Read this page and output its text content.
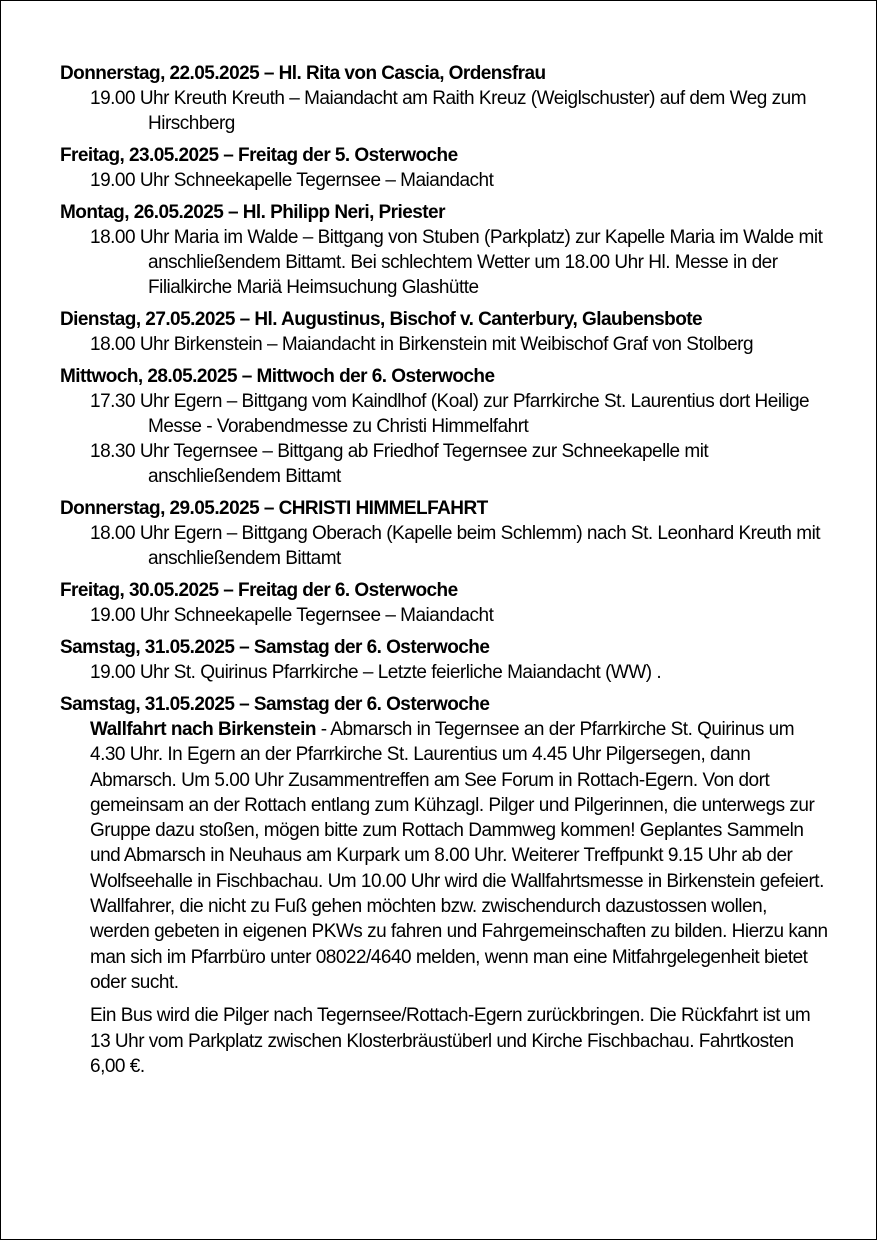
Donnerstag, 22.05.2025 – Hl. Rita von Cascia, Ordensfrau
19.00 Uhr Kreuth Kreuth – Maiandacht am Raith Kreuz (Weiglschuster) auf dem Weg zum Hirschberg
Freitag, 23.05.2025 – Freitag der 5. Osterwoche
19.00 Uhr Schneekapelle Tegernsee – Maiandacht
Montag, 26.05.2025 – Hl. Philipp Neri, Priester
18.00 Uhr Maria im Walde – Bittgang von Stuben (Parkplatz) zur Kapelle Maria im Walde mit anschließendem Bittamt. Bei schlechtem Wetter um 18.00 Uhr Hl. Messe in der Filialkirche Mariä Heimsuchung Glashütte
Dienstag, 27.05.2025 – Hl. Augustinus, Bischof v. Canterbury, Glaubensbote
18.00 Uhr Birkenstein – Maiandacht in Birkenstein mit Weibischof Graf von Stolberg
Mittwoch, 28.05.2025 – Mittwoch der 6. Osterwoche
17.30 Uhr Egern – Bittgang vom Kaindlhof (Koal) zur Pfarrkirche St. Laurentius dort Heilige Messe - Vorabendmesse zu Christi Himmelfahrt
18.30 Uhr Tegernsee – Bittgang ab Friedhof Tegernsee zur Schneekapelle mit anschließendem Bittamt
Donnerstag, 29.05.2025 – CHRISTI HIMMELFAHRT
18.00 Uhr Egern – Bittgang Oberach (Kapelle beim Schlemm) nach St. Leonhard Kreuth mit anschließendem Bittamt
Freitag, 30.05.2025 – Freitag der 6. Osterwoche
19.00 Uhr Schneekapelle Tegernsee – Maiandacht
Samstag, 31.05.2025 – Samstag der 6. Osterwoche
19.00 Uhr St. Quirinus Pfarrkirche – Letzte feierliche Maiandacht (WW) .
Samstag, 31.05.2025 – Samstag der 6. Osterwoche

Wallfahrt nach Birkenstein - Abmarsch in Tegernsee an der Pfarrkirche St. Quirinus um 4.30 Uhr. In Egern an der Pfarrkirche St. Laurentius um 4.45 Uhr Pilgersegen, dann Abmarsch. Um 5.00 Uhr Zusammentreffen am See Forum in Rottach-Egern. Von dort gemeinsam an der Rottach entlang zum Kühzagl. Pilger und Pilgerinnen, die unterwegs zur Gruppe dazu stoßen, mögen bitte zum Rottach Dammweg kommen! Geplantes Sammeln und Abmarsch in Neuhaus am Kurpark um 8.00 Uhr. Weiterer Treffpunkt 9.15 Uhr ab der Wolfseehalle in Fischbachau. Um 10.00 Uhr wird die Wallfahrtsmesse in Birkenstein gefeiert. Wallfahrer, die nicht zu Fuß gehen möchten bzw. zwischendurch dazustossen wollen, werden gebeten in eigenen PKWs zu fahren und Fahrgemeinschaften zu bilden. Hierzu kann man sich im Pfarrbüro unter 08022/4640 melden, wenn man eine Mitfahrgelegenheit bietet oder sucht.

Ein Bus wird die Pilger nach Tegernsee/Rottach-Egern zurückbringen. Die Rückfahrt ist um 13 Uhr vom Parkplatz zwischen Klosterbräustüberl und Kirche Fischbachau. Fahrtkosten 6,00 €.
